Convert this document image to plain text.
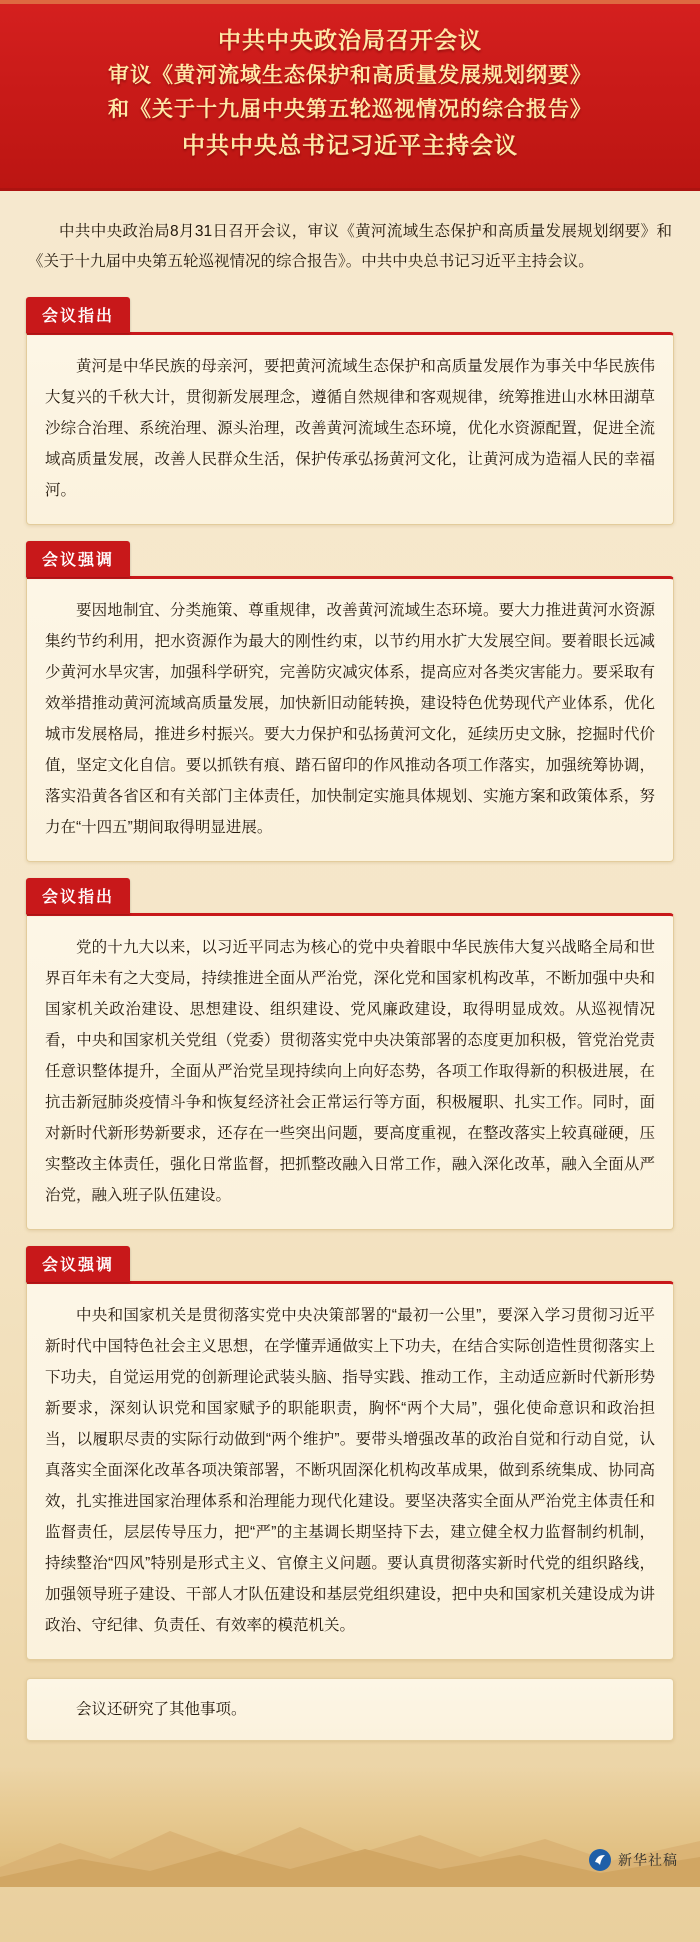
中共中央政治局召开会议
审议《黄河流域生态保护和高质量发展规划纲要》
和《关于十九届中央第五轮巡视情况的综合报告》
中共中央总书记习近平主持会议

中共中央政治局8月31日召开会议，审议《黄河流域生态保护和高质量发展规划纲要》和《关于十九届中央第五轮巡视情况的综合报告》。中共中央总书记习近平主持会议。

会议指出

黄河是中华民族的母亲河，要把黄河流域生态保护和高质量发展作为事关中华民族伟大复兴的千秋大计，贯彻新发展理念，遵循自然规律和客观规律，统筹推进山水林田湖草沙综合治理、系统治理、源头治理，改善黄河流域生态环境，优化水资源配置，促进全流域高质量发展，改善人民群众生活，保护传承弘扬黄河文化，让黄河成为造福人民的幸福河。

会议强调

要因地制宜、分类施策、尊重规律，改善黄河流域生态环境。要大力推进黄河水资源集约节约利用，把水资源作为最大的刚性约束，以节约用水扩大发展空间。要着眼长远减少黄河水旱灾害，加强科学研究，完善防灾减灾体系，提高应对各类灾害能力。要采取有效举措推动黄河流域高质量发展，加快新旧动能转换，建设特色优势现代产业体系，优化城市发展格局，推进乡村振兴。要大力保护和弘扬黄河文化，延续历史文脉，挖掘时代价值，坚定文化自信。要以抓铁有痕、踏石留印的作风推动各项工作落实，加强统筹协调，落实沿黄各省区和有关部门主体责任，加快制定实施具体规划、实施方案和政策体系，努力在“十四五”期间取得明显进展。

会议指出

党的十九大以来，以习近平同志为核心的党中央着眼中华民族伟大复兴战略全局和世界百年未有之大变局，持续推进全面从严治党，深化党和国家机构改革，不断加强中央和国家机关政治建设、思想建设、组织建设、党风廉政建设，取得明显成效。从巡视情况看，中央和国家机关党组（党委）贯彻落实党中央决策部署的态度更加积极，管党治党责任意识整体提升，全面从严治党呈现持续向上向好态势，各项工作取得新的积极进展，在抗击新冠肺炎疫情斗争和恢复经济社会正常运行等方面，积极履职、扎实工作。同时，面对新时代新形势新要求，还存在一些突出问题，要高度重视，在整改落实上较真碰硬，压实整改主体责任，强化日常监督，把抓整改融入日常工作，融入深化改革，融入全面从严治党，融入班子队伍建设。

会议强调

中央和国家机关是贯彻落实党中央决策部署的“最初一公里”，要深入学习贯彻习近平新时代中国特色社会主义思想，在学懂弄通做实上下功夫，在结合实际创造性贯彻落实上下功夫，自觉运用党的创新理论武装头脑、指导实践、推动工作，主动适应新时代新形势新要求，深刻认识党和国家赋予的职能职责，胸怀“两个大局”，强化使命意识和政治担当，以履职尽责的实际行动做到“两个维护”。要带头增强改革的政治自觉和行动自觉，认真落实全面深化改革各项决策部署，不断巩固深化机构改革成果，做到系统集成、协同高效，扎实推进国家治理体系和治理能力现代化建设。要坚决落实全面从严治党主体责任和监督责任，层层传导压力，把“严”的主基调长期坚持下去，建立健全权力监督制约机制，持续整治“四风”特别是形式主义、官僚主义问题。要认真贯彻落实新时代党的组织路线，加强领导班子建设、干部人才队伍建设和基层党组织建设，把中央和国家机关建设成为讲政治、守纪律、负责任、有效率的模范机关。

会议还研究了其他事项。

新华社稿
